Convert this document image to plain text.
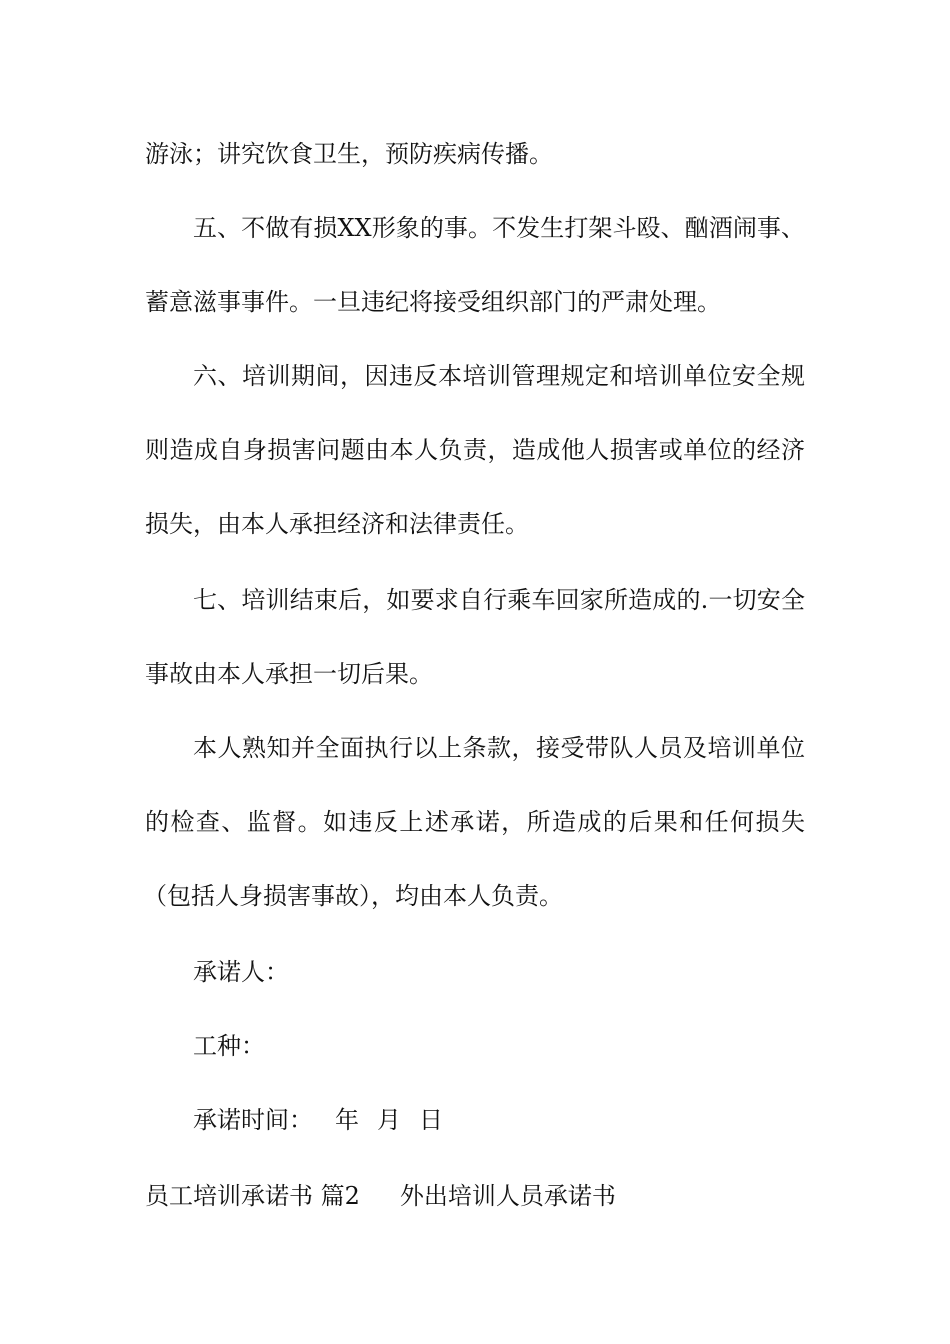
游泳；讲究饮食卫生，预防疾病传播。
五、不做有损XX形象的事。不发生打架斗殴、酗酒闹事、
蓄意滋事事件。一旦违纪将接受组织部门的严肃处理。
六、培训期间，因违反本培训管理规定和培训单位安全规
则造成自身损害问题由本人负责，造成他人损害或单位的经济
损失，由本人承担经济和法律责任。
七、培训结束后，如要求自行乘车回家所造成的.一切安全
事故由本人承担一切后果。
本人熟知并全面执行以上条款，接受带队人员及培训单位
的检查、监督。如违反上述承诺，所造成的后果和任何损失
（包括人身损害事故），均由本人负责。
承诺人：
工种：
承诺时间： 年 月 日
员工培训承诺书 篇2 外出培训人员承诺书
